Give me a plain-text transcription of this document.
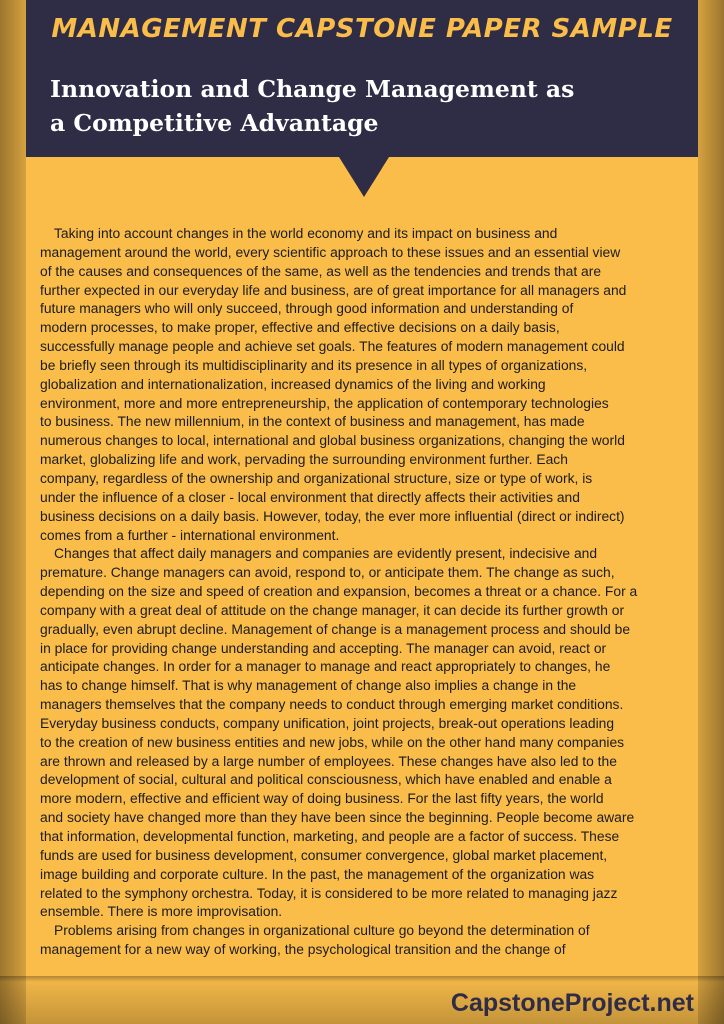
MANAGEMENT CAPSTONE PAPER SAMPLE
Innovation and Change Management as
a Competitive Advantage

Taking into account changes in the world economy and its impact on business and
management around the world, every scientific approach to these issues and an essential view
of the causes and consequences of the same, as well as the tendencies and trends that are
further expected in our everyday life and business, are of great importance for all managers and
future managers who will only succeed, through good information and understanding of
modern processes, to make proper, effective and effective decisions on a daily basis,
successfully manage people and achieve set goals. The features of modern management could
be briefly seen through its multidisciplinarity and its presence in all types of organizations,
globalization and internationalization, increased dynamics of the living and working
environment, more and more entrepreneurship, the application of contemporary technologies
to business. The new millennium, in the context of business and management, has made
numerous changes to local, international and global business organizations, changing the world
market, globalizing life and work, pervading the surrounding environment further. Each
company, regardless of the ownership and organizational structure, size or type of work, is
under the influence of a closer - local environment that directly affects their activities and
business decisions on a daily basis. However, today, the ever more influential (direct or indirect)
comes from a further - international environment.

Changes that affect daily managers and companies are evidently present, indecisive and
premature. Change managers can avoid, respond to, or anticipate them. The change as such,
depending on the size and speed of creation and expansion, becomes a threat or a chance. For a
company with a great deal of attitude on the change manager, it can decide its further growth or
gradually, even abrupt decline. Management of change is a management process and should be
in place for providing change understanding and accepting. The manager can avoid, react or
anticipate changes. In order for a manager to manage and react appropriately to changes, he
has to change himself. That is why management of change also implies a change in the
managers themselves that the company needs to conduct through emerging market conditions.
Everyday business conducts, company unification, joint projects, break-out operations leading
to the creation of new business entities and new jobs, while on the other hand many companies
are thrown and released by a large number of employees. These changes have also led to the
development of social, cultural and political consciousness, which have enabled and enable a
more modern, effective and efficient way of doing business. For the last fifty years, the world
and society have changed more than they have been since the beginning. People become aware
that information, developmental function, marketing, and people are a factor of success. These
funds are used for business development, consumer convergence, global market placement,
image building and corporate culture. In the past, the management of the organization was
related to the symphony orchestra. Today, it is considered to be more related to managing jazz
ensemble. There is more improvisation.

Problems arising from changes in organizational culture go beyond the determination of
management for a new way of working, the psychological transition and the change of

CapstoneProject.net
